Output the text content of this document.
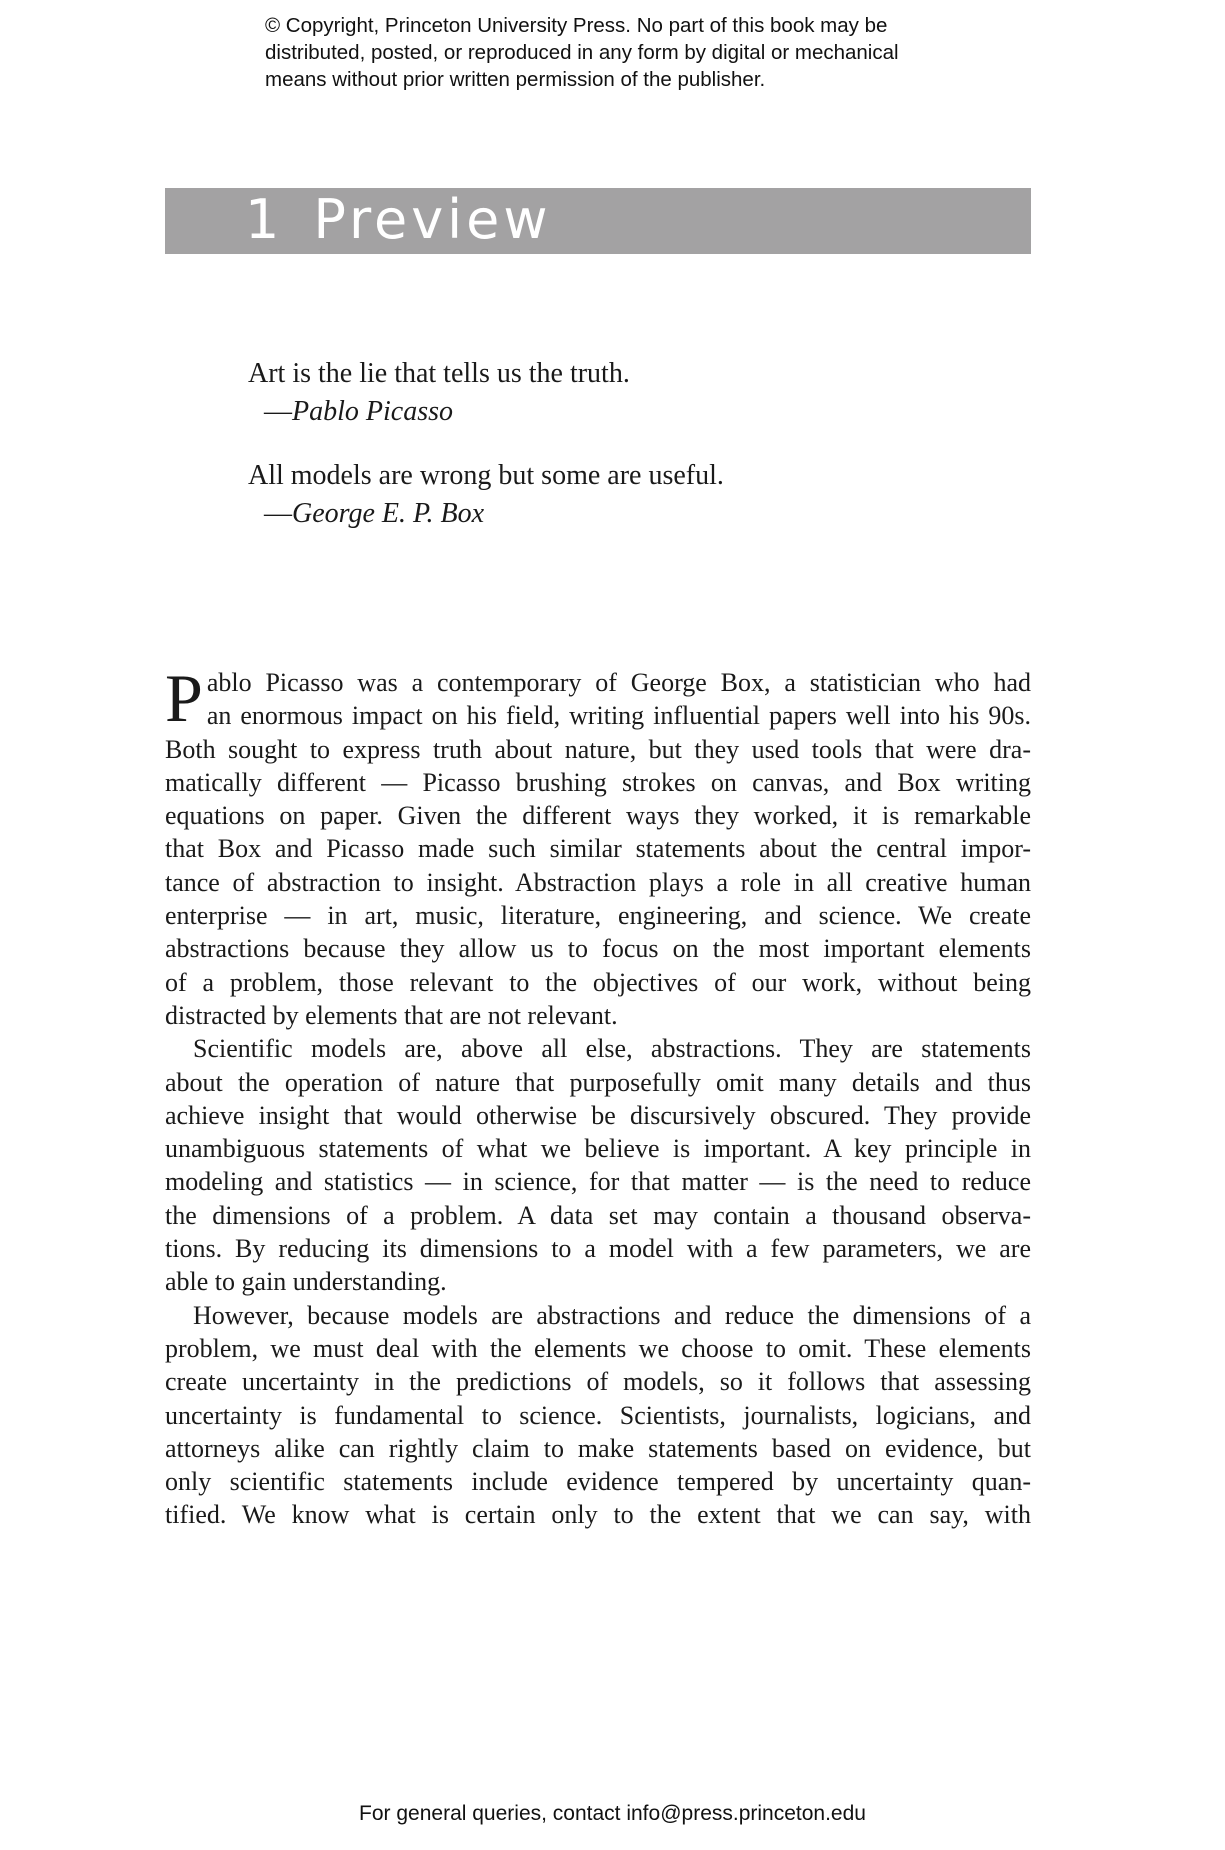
© Copyright, Princeton University Press. No part of this book may be
distributed, posted, or reproduced in any form by digital or mechanical
means without prior written permission of the publisher.
1 Preview
Art is the lie that tells us the truth.
—Pablo Picasso
All models are wrong but some are useful.
—George E. P. Box
P ablo Picasso was a contemporary of George Box, a statistician who had
an enormous impact on his field, writing influential papers well into his 90s.
Both sought to express truth about nature, but they used tools that were dra-
matically different — Picasso brushing strokes on canvas, and Box writing
equations on paper. Given the different ways they worked, it is remarkable
that Box and Picasso made such similar statements about the central impor-
tance of abstraction to insight. Abstraction plays a role in all creative human
enterprise — in art, music, literature, engineering, and science. We create
abstractions because they allow us to focus on the most important elements
of a problem, those relevant to the objectives of our work, without being
distracted by elements that are not relevant.
Scientific models are, above all else, abstractions. They are statements
about the operation of nature that purposefully omit many details and thus
achieve insight that would otherwise be discursively obscured. They provide
unambiguous statements of what we believe is important. A key principle in
modeling and statistics — in science, for that matter — is the need to reduce
the dimensions of a problem. A data set may contain a thousand observa-
tions. By reducing its dimensions to a model with a few parameters, we are
able to gain understanding.
However, because models are abstractions and reduce the dimensions of a
problem, we must deal with the elements we choose to omit. These elements
create uncertainty in the predictions of models, so it follows that assessing
uncertainty is fundamental to science. Scientists, journalists, logicians, and
attorneys alike can rightly claim to make statements based on evidence, but
only scientific statements include evidence tempered by uncertainty quan-
tified. We know what is certain only to the extent that we can say, with
For general queries, contact info@press.princeton.edu
